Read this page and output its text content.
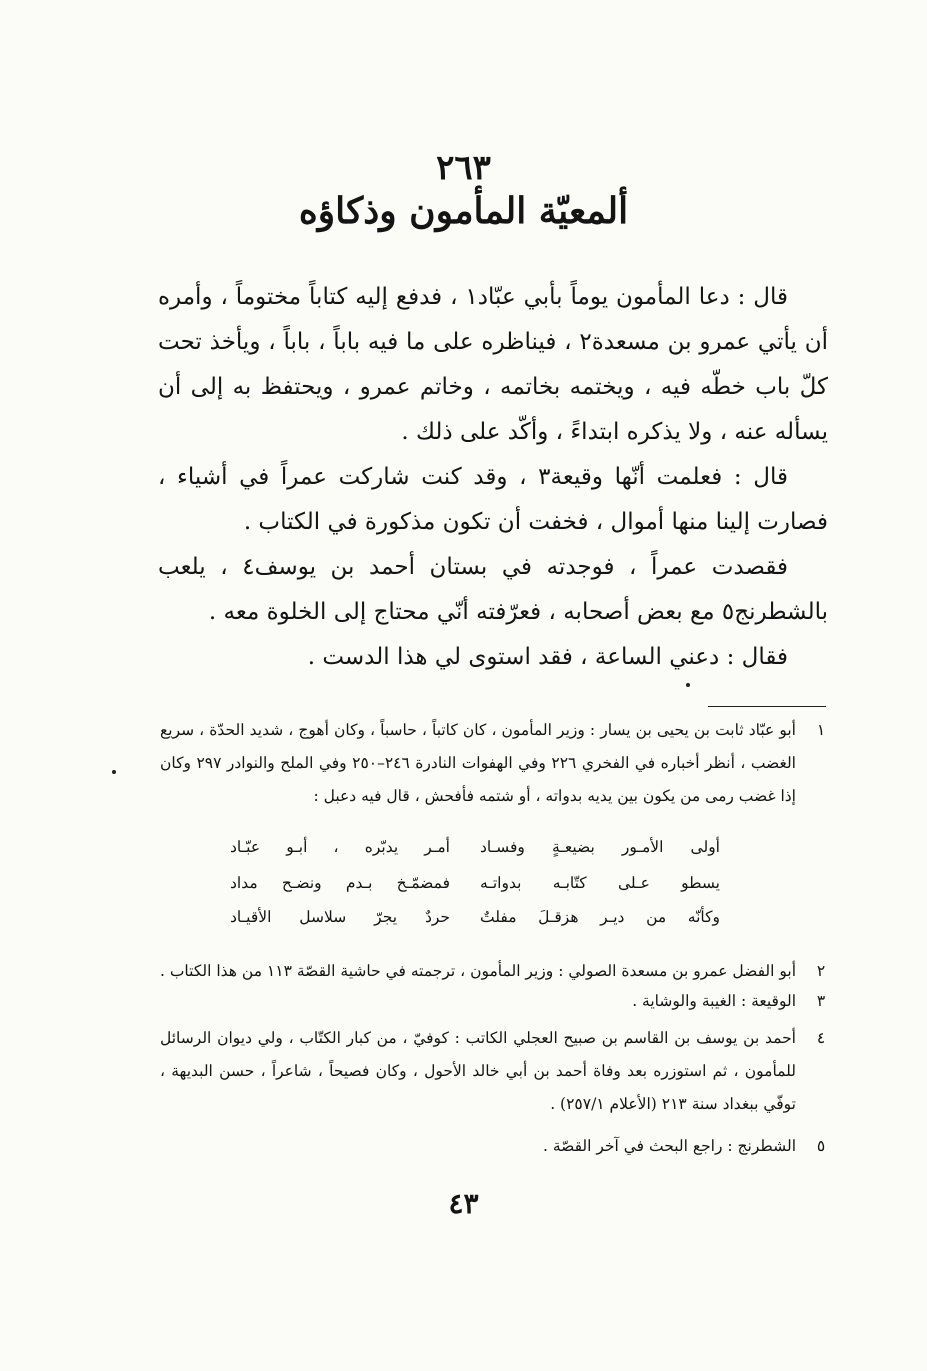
٢٦٣
ألمعيّة المأمون وذكاؤه

قال : دعا المأمون يوماً بأبي عبّاد١ ، فدفع إليه كتاباً مختوماً ، وأمره أن يأتي عمرو بن مسعدة٢ ، فيناظره على ما فيه باباً ، باباً ، ويأخذ تحت كلّ باب خطّه فيه ، ويختمه بخاتمه ، وخاتم عمرو ، ويحتفظ به إلى أن يسأله عنه ، ولا يذكره ابتداءً ، وأكّد على ذلك .

قال : فعلمت أنّها وقيعة٣ ، وقد كنت شاركت عمراً في أشياء ، فصارت إلينا منها أموال ، فخفت أن تكون مذكورة في الكتاب .

فقصدت عمراً ، فوجدته في بستان أحمد بن يوسف٤ ، يلعب بالشطرنج٥ مع بعض أصحابه ، فعرّفته أنّي محتاج إلى الخلوة معه .

فقال : دعني الساعة ، فقد استوى لي هذا الدست .

١
أبو عبّاد ثابت بن يحيى بن يسار : وزير المأمون ، كان كاتباً ، حاسباً ، وكان أهوج ، شديد الحدّة ، سريع الغضب ، أنظر أخباره في الفخري ٢٢٦ وفي الهفوات النادرة ٢٤٦–٢٥٠ وفي الملح والنوادر ٢٩٧ وكان إذا غضب رمى من يكون بين يديه بدواته ، أو شتمه فأفحش ، قال فيه دعبل :
أولى الأمـور بضيعـةٍ وفسـاد
أمـر يدبّره ، أبـو عبّـاد
يسطو عـلى كتّابـه بدواتـه
فمضمّـخ بـدم ونضـح مداد
وكأنّه من ديـر هزقـلَ مفلتٌ
حردٌ يجرّ سلاسل الأقيـاد
٢
أبو الفضل عمرو بن مسعدة الصولي : وزير المأمون ، ترجمته في حاشية القصّة ١١٣ من هذا الكتاب .
٣
الوقيعة : الغيبة والوشاية .
٤
أحمد بن يوسف بن القاسم بن صبيح العجلي الكاتب : كوفيّ ، من كبار الكتّاب ، ولي ديوان الرسائل للمأمون ، ثم استوزره بعد وفاة أحمد بن أبي خالد الأحول ، وكان فصيحاً ، شاعراً ، حسن البديهة ، توفّي ببغداد سنة ٢١٣ (الأعلام ٢٥٧/١) .
٥
الشطرنج : راجع البحث في آخر القصّة .
٤٣
